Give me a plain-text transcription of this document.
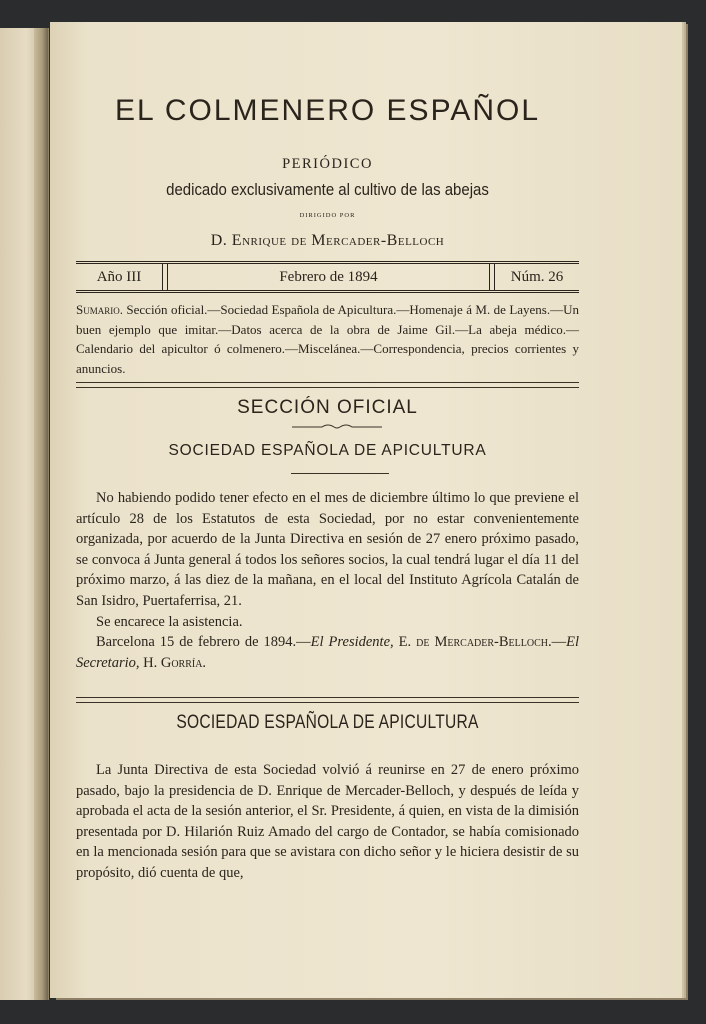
EL COLMENERO ESPAÑOL
PERIÓDICO
dedicado exclusivamente al cultivo de las abejas
DIRIGIDO POR
D. Enrique de Mercader-Belloch
Año III	Febrero de 1894	Núm. 26
Sumario. Sección oficial.—Sociedad Española de Apicultura.—Homenaje á M. de Layens.—Un buen ejemplo que imitar.—Datos acerca de la obra de Jaime Gil.—La abeja médico.—Calendario del apicultor ó colmenero.—Miscelánea.—Correspondencia, precios corrientes y anuncios.
SECCIÓN OFICIAL
SOCIEDAD ESPAÑOLA DE APICULTURA

No habiendo podido tener efecto en el mes de diciembre último lo que previene el artículo 28 de los Estatutos de esta Sociedad, por no estar convenientemente organizada, por acuerdo de la Junta Directiva en sesión de 27 enero próximo pasado, se convoca á Junta general á todos los señores socios, la cual tendrá lugar el día 11 del próximo marzo, á las diez de la mañana, en el local del Instituto Agrícola Catalán de San Isidro, Puertaferrisa, 21.

Se encarece la asistencia.

Barcelona 15 de febrero de 1894.—El Presidente, E. de Mercader-Belloch.—El Secretario, H. Gorría.

SOCIEDAD ESPAÑOLA DE APICULTURA

La Junta Directiva de esta Sociedad volvió á reunirse en 27 de enero próximo pasado, bajo la presidencia de D. Enrique de Mercader-Belloch, y después de leída y aprobada el acta de la sesión anterior, el Sr. Presidente, á quien, en vista de la dimisión presentada por D. Hilarión Ruiz Amado del cargo de Contador, se había comisionado en la mencionada sesión para que se avistara con dicho señor y le hiciera desistir de su propósito, dió cuenta de que,
